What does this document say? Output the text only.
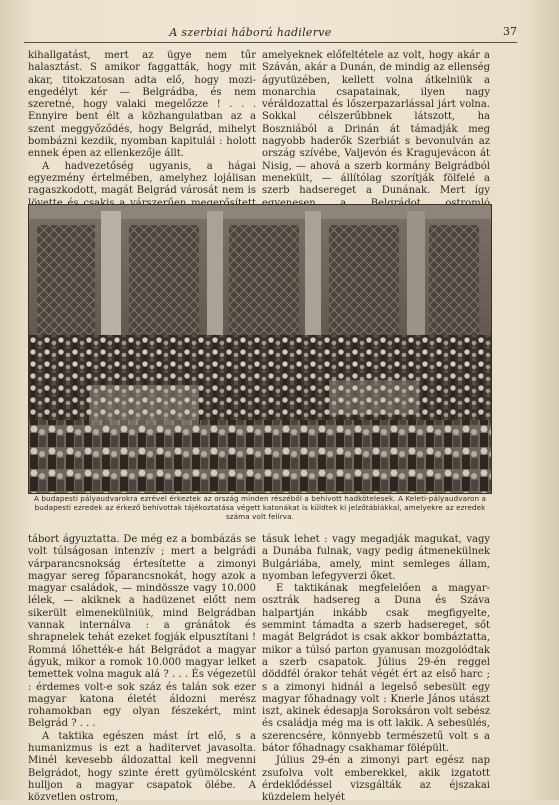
A szerbiai háború hadilerve	37

kihallgatást, mert az ügye nem tűr halasztást. S amikor faggatták, hogy mit akar, titokzatosan adta elő, hogy mozi-engedélyt kér — Belgrádba, és nem szeretné, hogy valaki megelőzze ! . . . Ennyire bent élt a közhangulatban az a szent meggyőződés, hogy Belgrád, mihelyt bombázni kezdik, nyomban kapitulál : holott ennek épen az ellenkezője állt.

A hadvezetőség ugyanis, a hágai egyezmény értelmében, amelyhez lojálisan ragaszkodott, magát Belgrád városát nem is

amelyeknek előfeltétele az volt, hogy akár a Száván, akár a Dunán, de mindig az ellenség ágyutüzében, kellett volna átkelniük a monarchia csapatainak, ilyen nagy véráldozattal és lőszerpazarlással járt volna. Sokkal célszerűbbnek látszott, ha Boszniából a Drinán át támadják meg nagyobb haderők Szerbiát s bevonulván az ország szívébe, Valjevón és Kragujevácon át Nisig, — ahová a szerb kormány Belgrádból menekült, — állítólag szorítják fölfelé a szerb hadsereget a Dunának. Mert így

A budapesti pályaudvarokra ezrével érkeztek az ország minden részéből a behívott hadkötelesek. A Keleti-pályaudvaron a budapesti ezredek az érkező behívottak tájékoztatása végett katonákat is küldtek ki jelzőtáblákkal, amelyekre az ezredek száma volt felírva.

tábort ágyuztatta. De még ez a bombázás se volt túlságosan intenzív ; mert a belgrádi várparancsnokság értesítette a zimonyi magyar sereg főparancsnokát, hogy azok a magyar családok, — mindössze vagy 10.000 lélek, — akiknek a hadüzenet előtt nem sikerült elmenekülniük, mind Belgrádban vannak internálva : a gránátok és shrapnelek tehát ezeket fogják elpusztítani ! Rommá lőhették-e hát Belgrádot a magyar ágyuk, mikor a romok 10.000 magyar lelket temettek volna maguk alá ? . . . És végezetül : érdemes volt-e sok száz és talán sok ezer magyar katona életét áldozni merész rohamokban egy olyan fészekért, mint Belgrád ? . . .

A taktika egészen mást írt elő, s a humanizmus is ezt a haditervet javasolta. Minél kevesebb áldozattal kell megvenni Belgrádot, hogy szinte érett gyümölcsként hulljon a magyar csapatok ölébe. A közvetlen ostrom,

tásuk lehet : vagy megadják magukat, vagy a Dunába fulnak, vagy pedig átmenekülnek Bulgáriába, amely, mint semleges állam, nyomban lefegyverzi őket.

E taktikának megfelelően a magyar-osztrák hadsereg a Duna és Száva halpartján inkább csak megfigyelte, semmint támadta a szerb hadsereget, sőt magát Belgrádot is csak akkor bombáztatta, mikor a túlsó parton gyanusan mozgolódtak a szerb csapatok. Július 29-én reggel döddfél órakor tehát végét ért az első harc ; s a zimonyi hidnál a legelső sebesült egy magyar főhadnagy volt : Knerle János utászt iszt, akinek édesapja Soroksáron volt sebész és családja még ma is ott lakik. A sebesülés, szerencsére, könnyebb természetű volt s a bátor főhadnagy csakhamar fölépült.

Július 29-én a zimonyi part egész nap zsufolva volt emberekkel, akik izgatott érdeklődéssel vizsgálták az éjszakai küzdelem helyét
